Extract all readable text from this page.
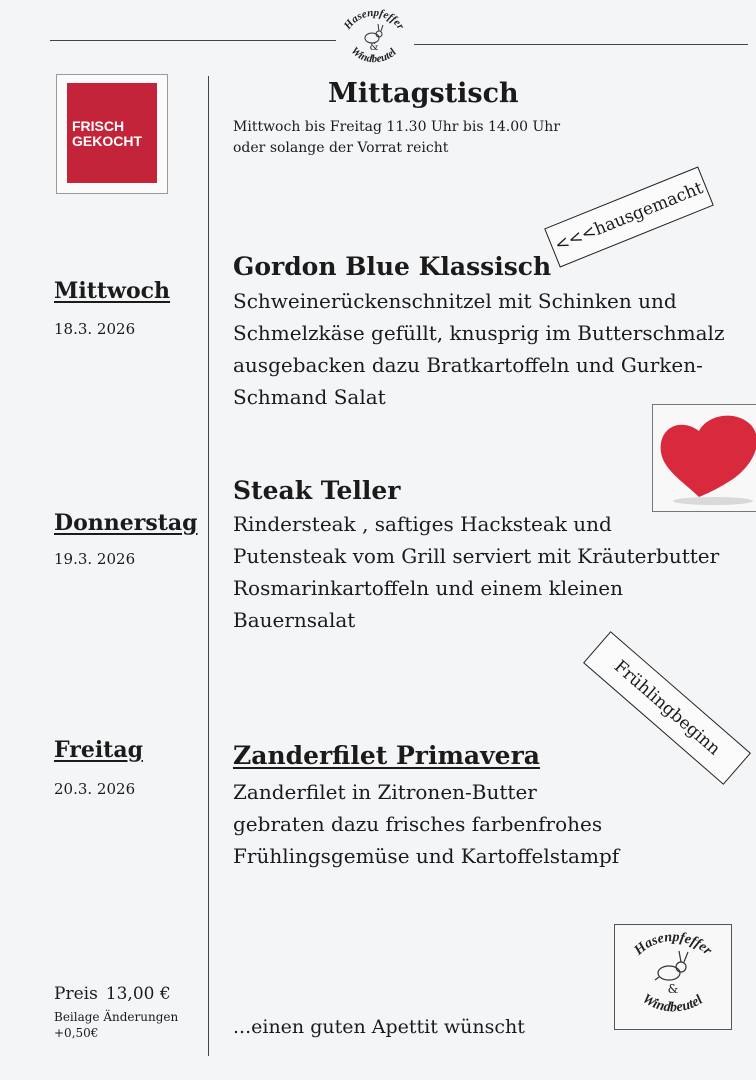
Hasenpfeffer
Windbeutel
&
FRISCH
GEKOCHT
Mittagstisch
Mittwoch bis Freitag 11.30 Uhr bis 14.00 Uhr
oder solange der Vorrat reicht
<<<hausgemacht
Frühlingbeginn
Mittwoch
18.3. 2026
Gordon Blue Klassisch
Schweinerückenschnitzel mit Schinken und
Schmelzkäse gefüllt, knusprig im Butterschmalz
ausgebacken dazu Bratkartoffeln und Gurken-
Schmand Salat
Donnerstag
19.3. 2026
Steak Teller
Rindersteak , saftiges Hacksteak und
Putensteak vom Grill serviert mit Kräuterbutter
Rosmarinkartoffeln und einem kleinen
Bauernsalat
Freitag
20.3. 2026
Zanderfilet Primavera
Zanderfilet in Zitronen-Butter
gebraten dazu frisches farbenfrohes
Frühlingsgemüse und Kartoffelstampf
Preis 13,00 €
Beilage Änderungen
+0,50€
Hasenpfeffer
Windbeutel
&
...einen guten Apettit wünscht
